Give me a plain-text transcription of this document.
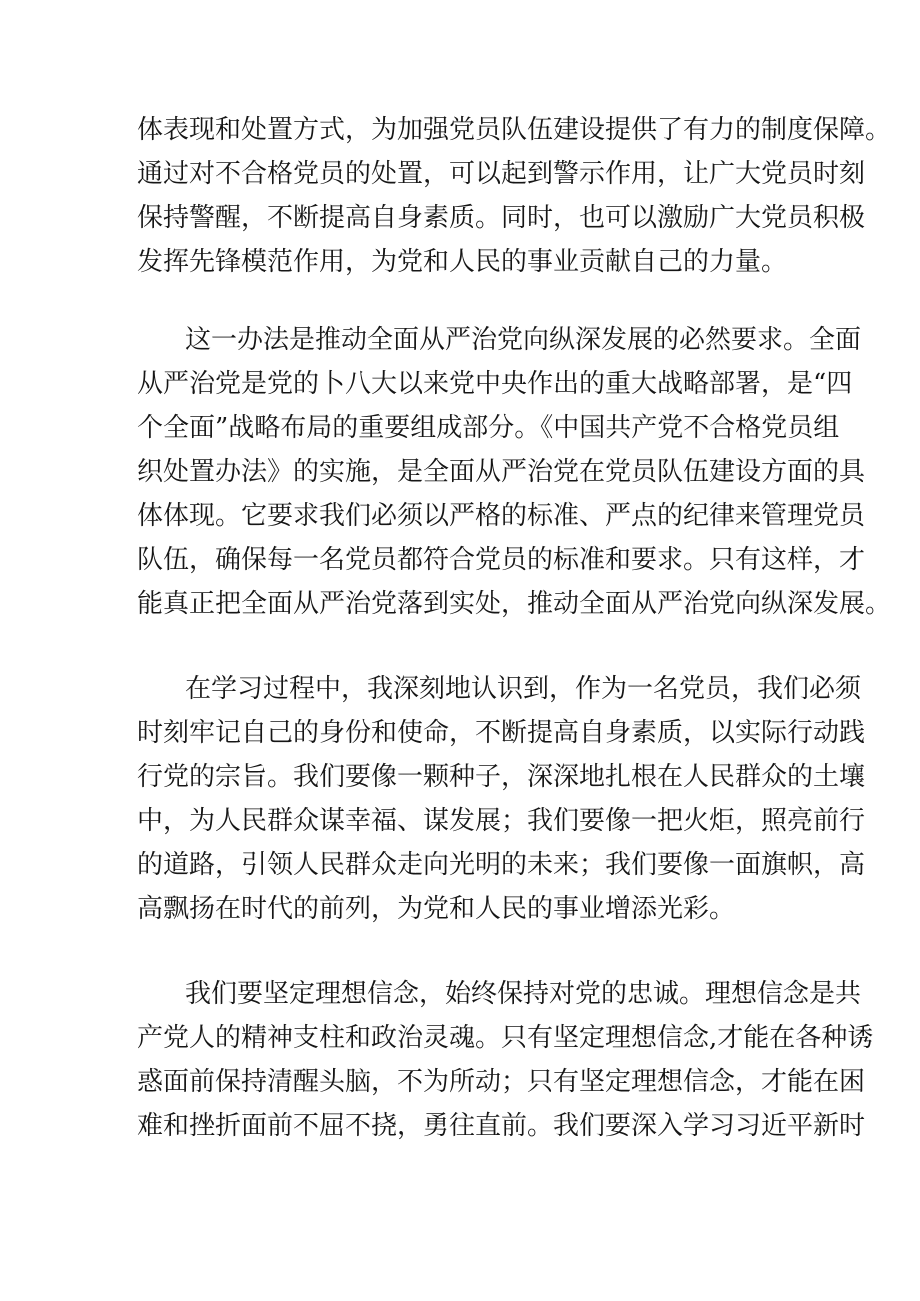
体表现和处置方式，为加强党员队伍建设提供了有力的制度保障。
通过对不合格党员的处置，可以起到警示作用，让广大党员时刻
保持警醒，不断提高自身素质。同时，也可以激励广大党员积极
发挥先锋模范作用，为党和人民的事业贡献自己的力量。
这一办法是推动全面从严治党向纵深发展的必然要求。全面
从严治党是党的卜八大以来党中央作出的重大战略部署，是“四
个全面”战略布局的重要组成部分。《中国共产党不合格党员组
织处置办法》的实施，是全面从严治党在党员队伍建设方面的具
体体现。它要求我们必须以严格的标准、严点的纪律来管理党员
队伍，确保每一名党员都符合党员的标准和要求。只有这样，才
能真正把全面从严治党落到实处，推动全面从严治党向纵深发展。
在学习过程中，我深刻地认识到，作为一名党员，我们必须
时刻牢记自己的身份和使命，不断提高自身素质，以实际行动践
行党的宗旨。我们要像一颗种子，深深地扎根在人民群众的土壤
中，为人民群众谋幸福、谋发展；我们要像一把火炬，照亮前行
的道路，引领人民群众走向光明的未来；我们要像一面旗帜，高
高飘扬在时代的前列，为党和人民的事业增添光彩。
我们要坚定理想信念，始终保持对党的忠诚。理想信念是共
产党人的精神支柱和政治灵魂。只有坚定理想信念,才能在各种诱
惑面前保持清醒头脑，不为所动；只有坚定理想信念，才能在困
难和挫折面前不屈不挠，勇往直前。我们要深入学习习近平新时
